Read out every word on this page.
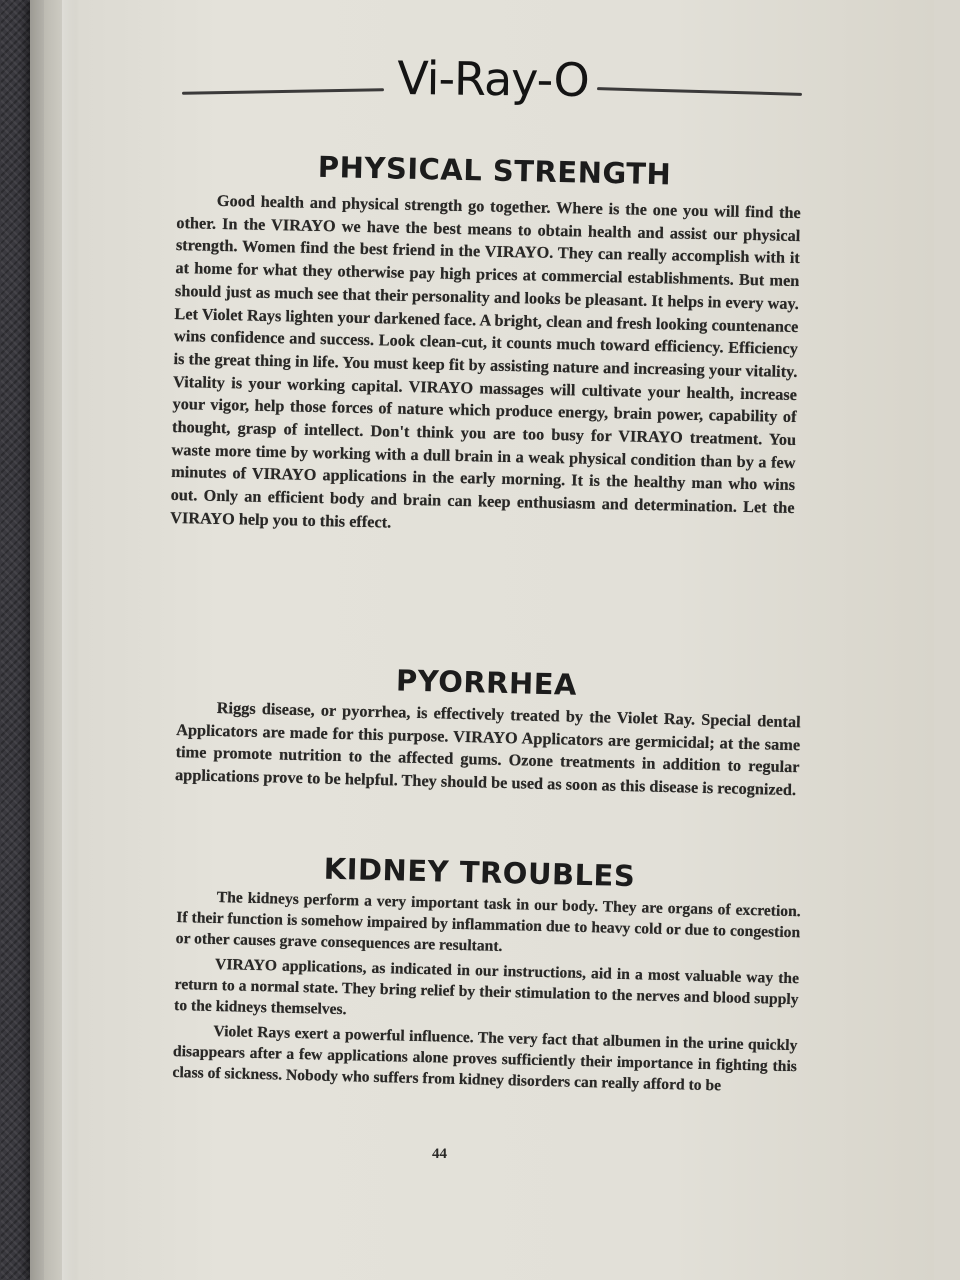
Vi-Ray-O
PHYSICAL STRENGTH

Good health and physical strength go together. Where is the one you will find the other. In the VIRAYO we have the best means to obtain health and assist our physical strength. Women find the best friend in the VIRAYO. They can really accomplish with it at home for what they otherwise pay high prices at commercial establishments. But men should just as much see that their personality and looks be pleasant. It helps in every way. Let Violet Rays lighten your darkened face. A bright, clean and fresh looking countenance wins confidence and success. Look clean-cut, it counts much toward efficiency. Efficiency is the great thing in life. You must keep fit by assisting nature and increasing your vitality. Vitality is your working capital. VIRAYO massages will cultivate your health, increase your vigor, help those forces of nature which produce energy, brain power, capability of thought, grasp of intellect. Don't think you are too busy for VIRAYO treatment. You waste more time by working with a dull brain in a weak physical condition than by a few minutes of VIRAYO applications in the early morning. It is the healthy man who wins out. Only an efficient body and brain can keep enthusiasm and determination. Let the VIRAYO help you to this effect.

PYORRHEA

Riggs disease, or pyorrhea, is effectively treated by the Violet Ray. Special dental Applicators are made for this purpose. VIRAYO Applicators are germicidal; at the same time promote nutrition to the affected gums. Ozone treatments in addition to regular applications prove to be helpful. They should be used as soon as this disease is recognized.

KIDNEY TROUBLES

The kidneys perform a very important task in our body. They are organs of excretion. If their function is somehow impaired by inflammation due to heavy cold or due to congestion or other causes grave consequences are resultant.

VIRAYO applications, as indicated in our instructions, aid in a most valuable way the return to a normal state. They bring relief by their stimulation to the nerves and blood supply to the kidneys themselves.

Violet Rays exert a powerful influence. The very fact that albumen in the urine quickly disappears after a few applications alone proves sufficiently their importance in fighting this class of sickness. Nobody who suffers from kidney disorders can really afford to be

44
